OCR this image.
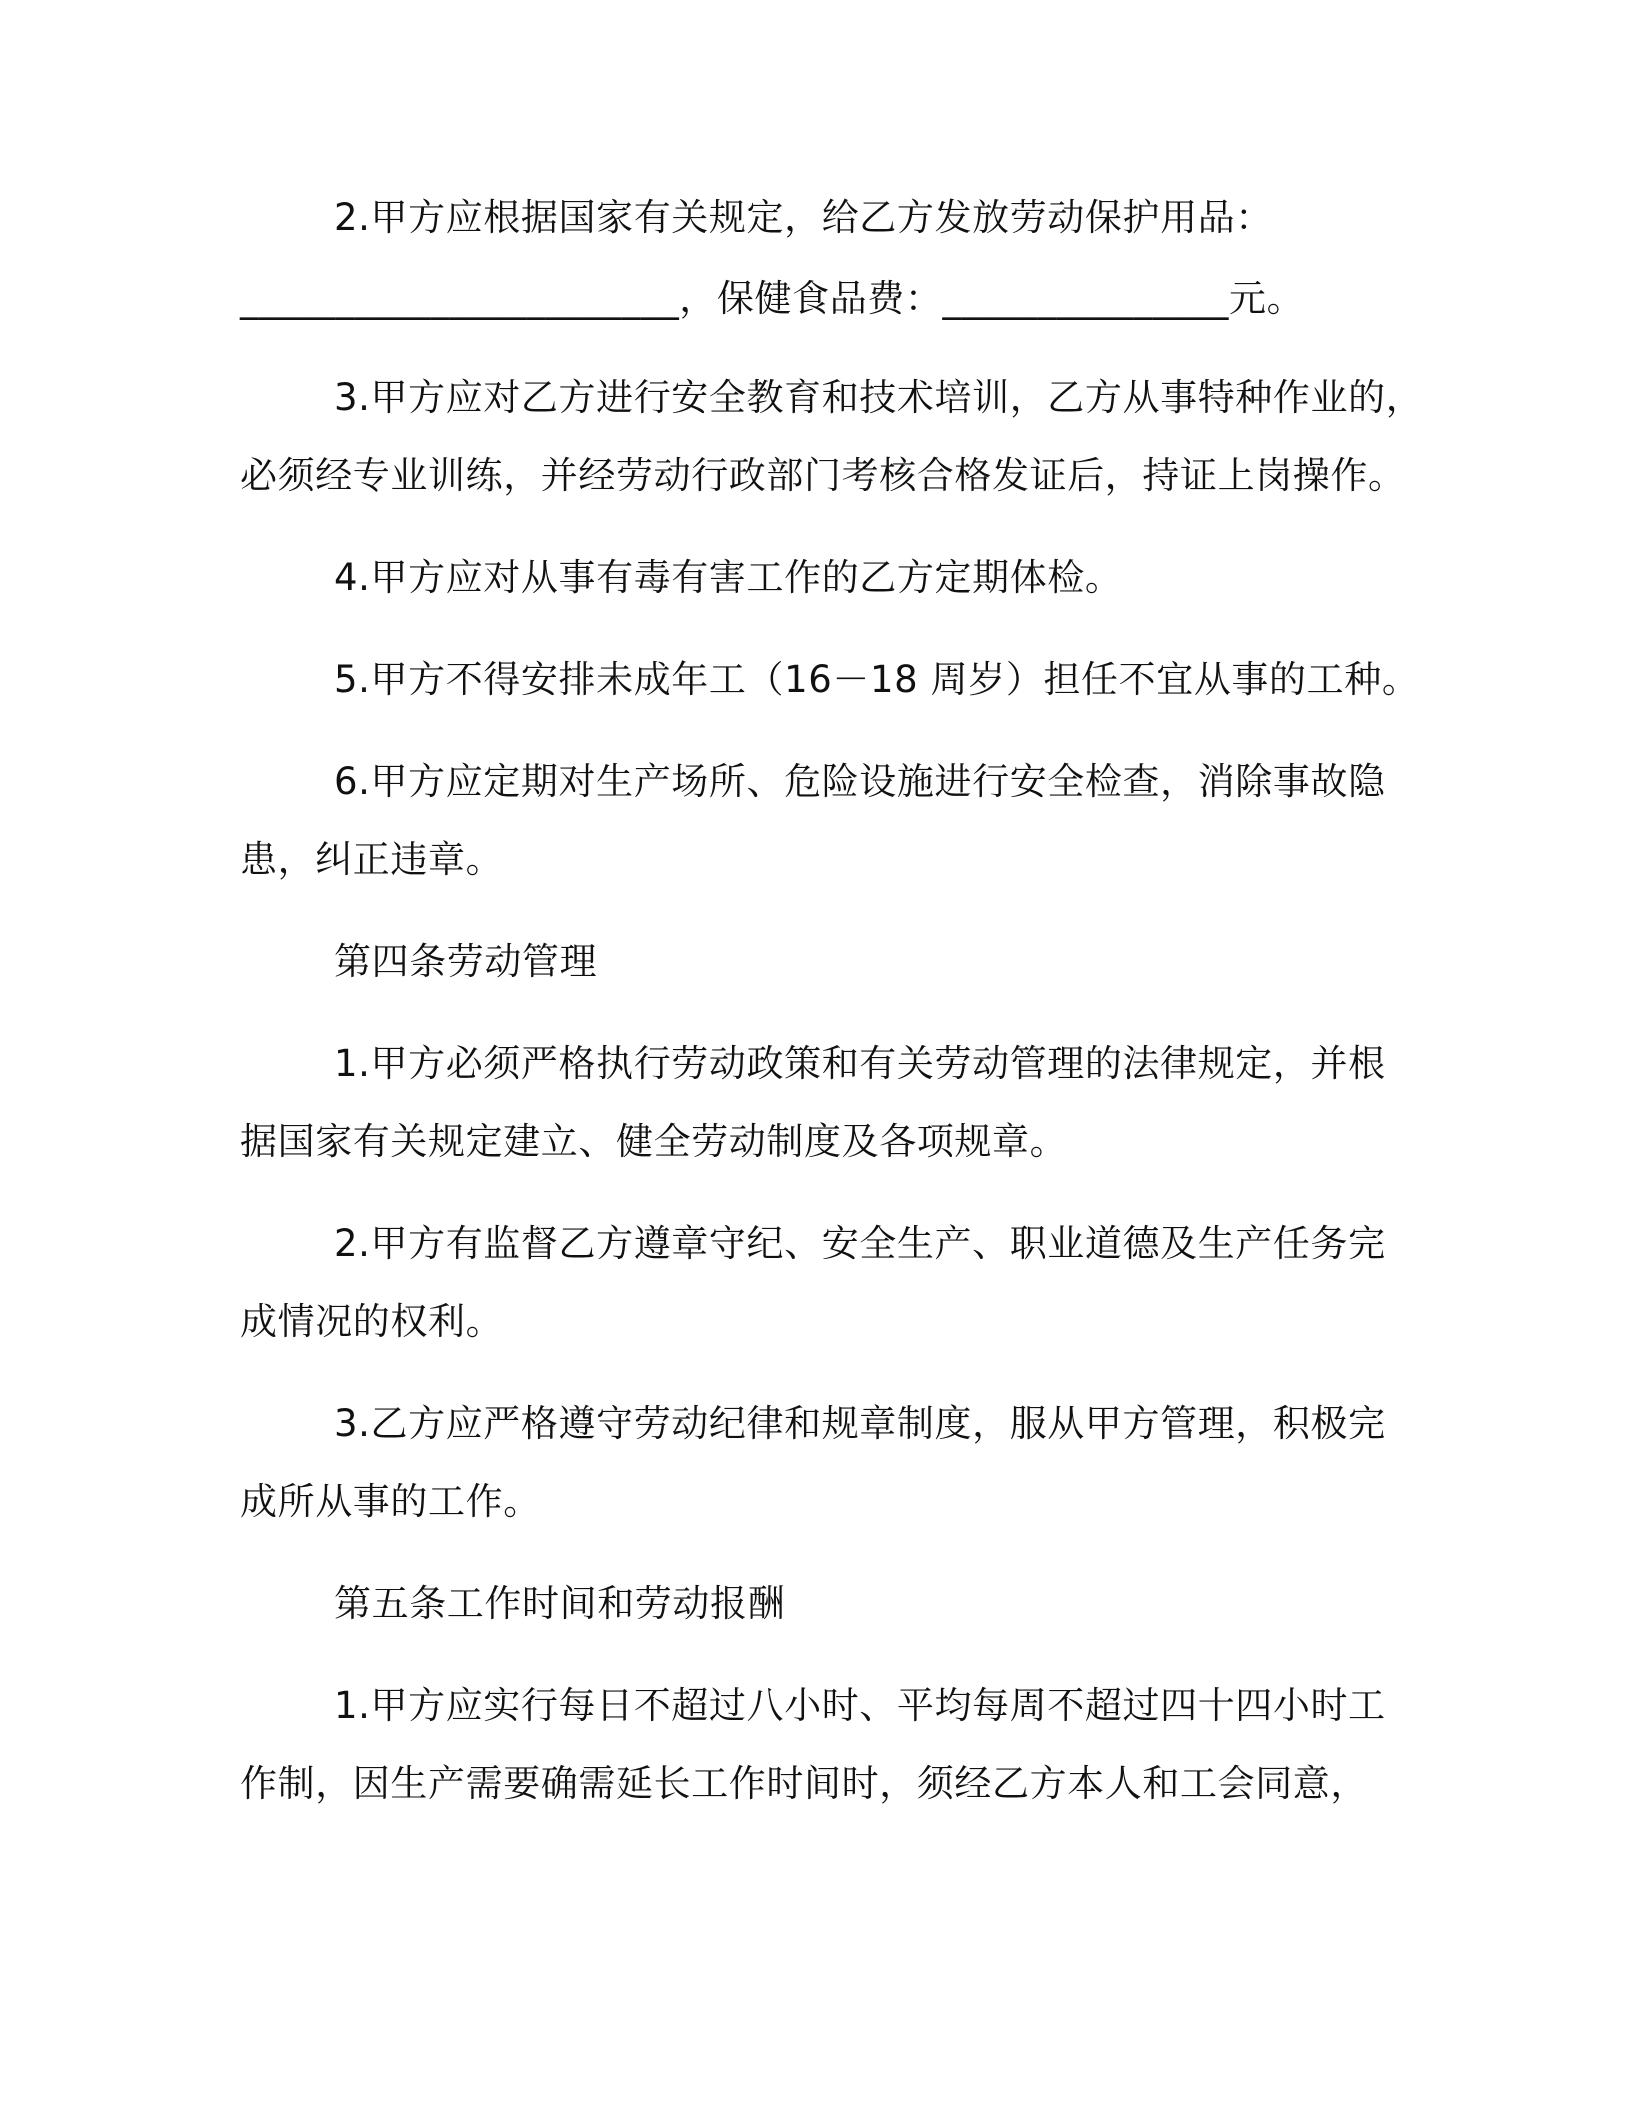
2.甲方应根据国家有关规定，给乙方发放劳动保护用品：
_______________________，保健食品费：_______________元。
3.甲方应对乙方进行安全教育和技术培训，乙方从事特种作业的，
必须经专业训练，并经劳动行政部门考核合格发证后，持证上岗操作。
4.甲方应对从事有毒有害工作的乙方定期体检。
5.甲方不得安排未成年工（16－18 周岁）担任不宜从事的工种。
6.甲方应定期对生产场所、危险设施进行安全检查，消除事故隐
患，纠正违章。
第四条劳动管理
1.甲方必须严格执行劳动政策和有关劳动管理的法律规定，并根
据国家有关规定建立、健全劳动制度及各项规章。
2.甲方有监督乙方遵章守纪、安全生产、职业道德及生产任务完
成情况的权利。
3.乙方应严格遵守劳动纪律和规章制度，服从甲方管理，积极完
成所从事的工作。
第五条工作时间和劳动报酬
1.甲方应实行每日不超过八小时、平均每周不超过四十四小时工
作制，因生产需要确需延长工作时间时，须经乙方本人和工会同意，
